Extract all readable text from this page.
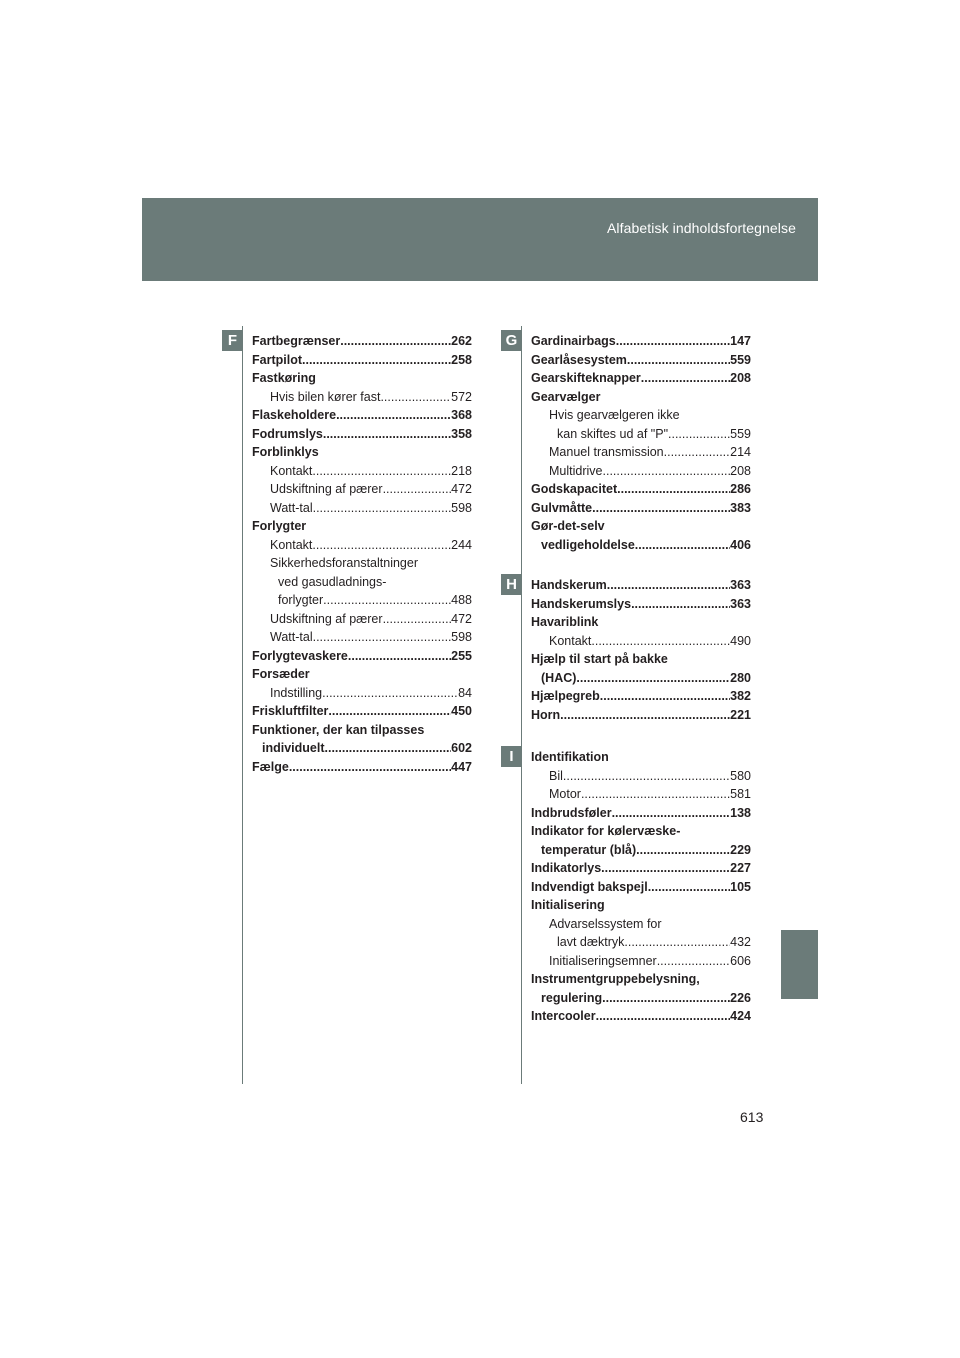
Alfabetisk indholdsfortegnelse
F	G
H
I
Fartbegrænser .....	262
Fartpilot .....	258
Fastkøring
Hvis bilen kører fast .....	572
Flaskeholdere .....	368
Fodrumslys .....	358
Forblinklys
Kontakt .....	218
Udskiftning af pærer .....	472
Watt-tal .....	598
Forlygter
Kontakt .....	244
Sikkerhedsforanstaltninger
ved gasudladnings-
forlygter .....	488
Udskiftning af pærer .....	472
Watt-tal .....	598
Forlygtevaskere .....	255
Forsæder
Indstilling .....	84
Friskluftfilter .....	450
Funktioner, der kan tilpasses
individuelt .....	602
Fælge .....	447
Gardinairbags .....	147
Gearlåsesystem .....	559
Gearskifteknapper .....	208
Gearvælger
Hvis gearvælgeren ikke
kan skiftes ud af "P" .....	559
Manuel transmission .....	214
Multidrive .....	208
Godskapacitet .....	286
Gulvmåtte .....	383
Gør-det-selv
vedligeholdelse .....	406
Handskerum .....	363
Handskerumslys .....	363
Havariblink
Kontakt .....	490
Hjælp til start på bakke
(HAC) .....	280
Hjælpegreb .....	382
Horn .....	221
Identifikation
Bil .....	580
Motor .....	581
Indbrudsføler .....	138
Indikator for kølervæske-
temperatur (blå) .....	229
Indikatorlys .....	227
Indvendigt bakspejl .....	105
Initialisering
Advarselssystem for
lavt dæktryk .....	432
Initialiseringsemner .....	606
Instrumentgruppebelysning,
regulering .....	226
Intercooler .....	424
613
